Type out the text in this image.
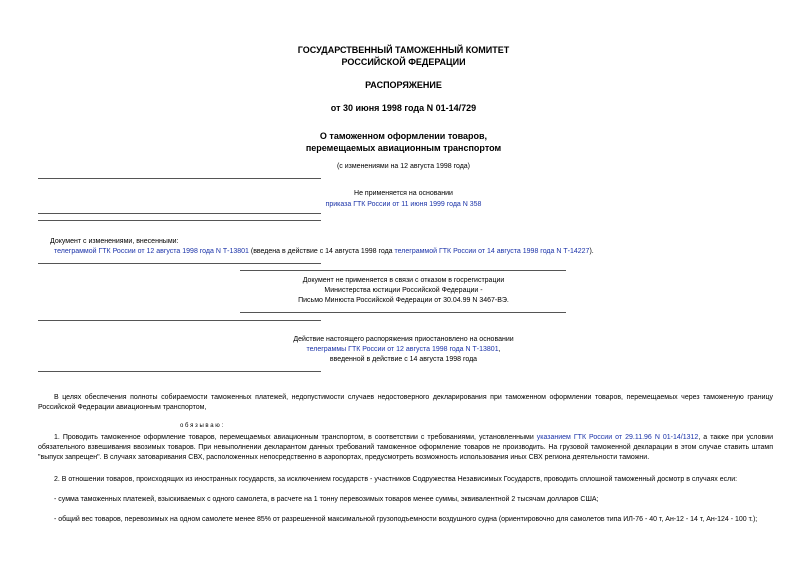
ГОСУДАРСТВЕННЫЙ ТАМОЖЕННЫЙ КОМИТЕТ
РОССИЙСКОЙ ФЕДЕРАЦИИ
РАСПОРЯЖЕНИЕ
от 30 июня 1998 года N 01-14/729
О таможенном оформлении товаров,
перемещаемых авиационным транспортом
(с изменениями на 12 августа 1998 года)
Не применяется на основании
приказа ГТК России от 11 июня 1999 года N 358
Документ с изменениями, внесенными:
телеграммой ГТК России от 12 августа 1998 года N Т-13801 (введена в действие с 14 августа 1998 года телеграммой ГТК России от 14 августа 1998 года N Т-14227).
Документ не применяется в связи с отказом в госрегистрации
Министерства юстиции Российской Федерации -
Письмо Минюста Российской Федерации от 30.04.99 N 3467-ВЭ.
Действие настоящего распоряжения приостановлено на основании
телеграммы ГТК России от 12 августа 1998 года N Т-13801,
введенной в действие с 14 августа 1998 года
В целях обеспечения полноты собираемости таможенных платежей, недопустимости случаев недостоверного декларирования при таможенном оформлении товаров, перемещаемых через таможенную границу Российской Федерации авиационным транспортом,
о б я з ы в а ю :
1. Проводить таможенное оформление товаров, перемещаемых авиационным транспортом, в соответствии с требованиями, установленными указанием ГТК России от 29.11.96 N 01-14/1312, а также при условии обязательного взвешивания ввозимых товаров. При невыполнении декларантом данных требований таможенное оформление товаров не производить. На грузовой таможенной декларации в этом случае ставить штамп "выпуск запрещен". В случаях затоваривания СВХ, расположенных непосредственно в аэропортах, предусмотреть возможность использования иных СВХ региона деятельности таможни.
2. В отношении товаров, происходящих из иностранных государств, за исключением государств - участников Содружества Независимых Государств, проводить сплошной таможенный досмотр в случаях если:
- сумма таможенных платежей, взыскиваемых с одного самолета, в расчете на 1 тонну перевозимых товаров менее суммы, эквивалентной 2 тысячам долларов США;
- общий вес товаров, перевозимых на одном самолете менее 85% от разрешенной максимальной грузоподъемности воздушного судна (ориентировочно для самолетов типа ИЛ-76 - 40 т, Ан-12 - 14 т, Ан-124 - 100 т.);
